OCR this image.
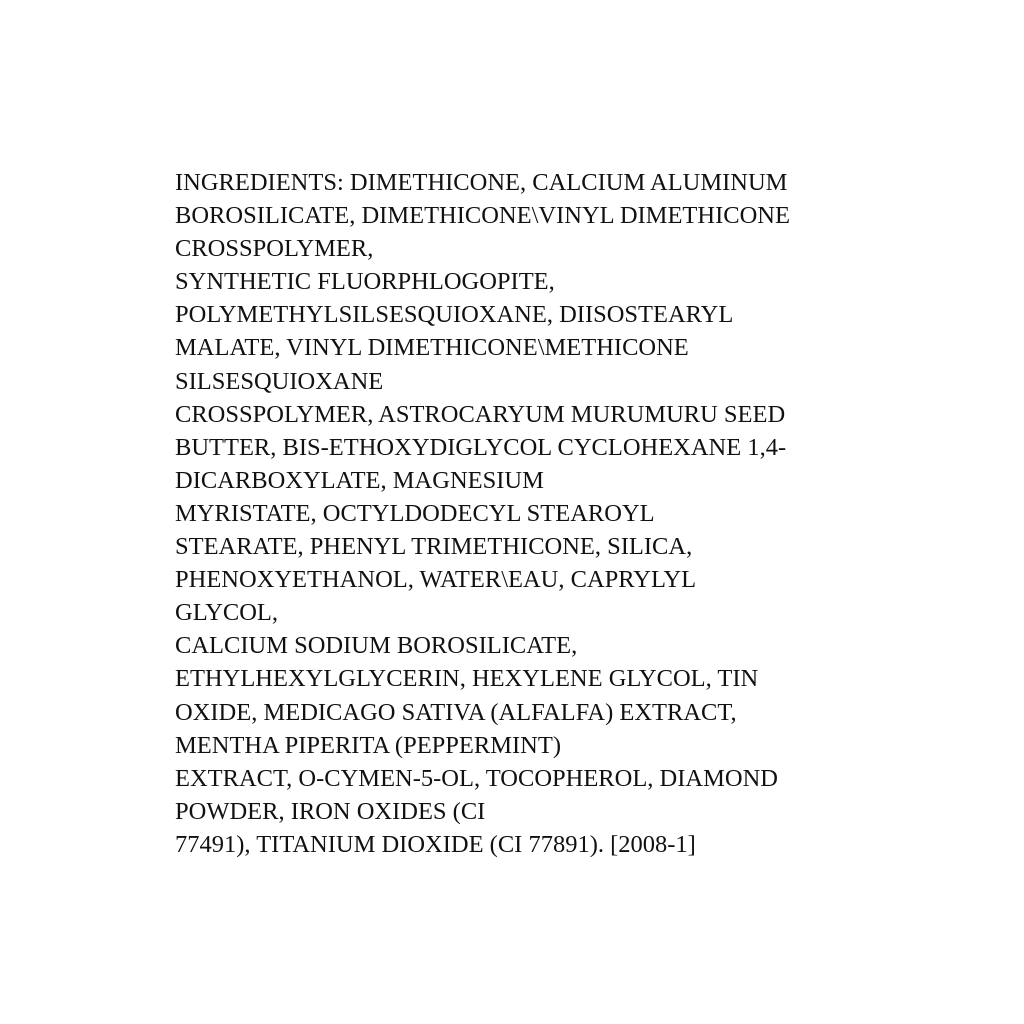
INGREDIENTS: DIMETHICONE, CALCIUM ALUMINUM
BOROSILICATE, DIMETHICONE\VINYL DIMETHICONE
CROSSPOLYMER,
SYNTHETIC FLUORPHLOGOPITE,
POLYMETHYLSILSESQUIOXANE, DIISOSTEARYL
MALATE, VINYL DIMETHICONE\METHICONE
SILSESQUIOXANE
CROSSPOLYMER, ASTROCARYUM MURUMURU SEED
BUTTER, BIS-ETHOXYDIGLYCOL CYCLOHEXANE 1,4-
DICARBOXYLATE, MAGNESIUM
MYRISTATE, OCTYLDODECYL STEAROYL
STEARATE, PHENYL TRIMETHICONE, SILICA,
PHENOXYETHANOL, WATER\EAU, CAPRYLYL
GLYCOL,
CALCIUM SODIUM BOROSILICATE,
ETHYLHEXYLGLYCERIN, HEXYLENE GLYCOL, TIN
OXIDE, MEDICAGO SATIVA (ALFALFA) EXTRACT,
MENTHA PIPERITA (PEPPERMINT)
EXTRACT, O-CYMEN-5-OL, TOCOPHEROL, DIAMOND
POWDER, IRON OXIDES (CI
77491), TITANIUM DIOXIDE (CI 77891). [2008-1]
